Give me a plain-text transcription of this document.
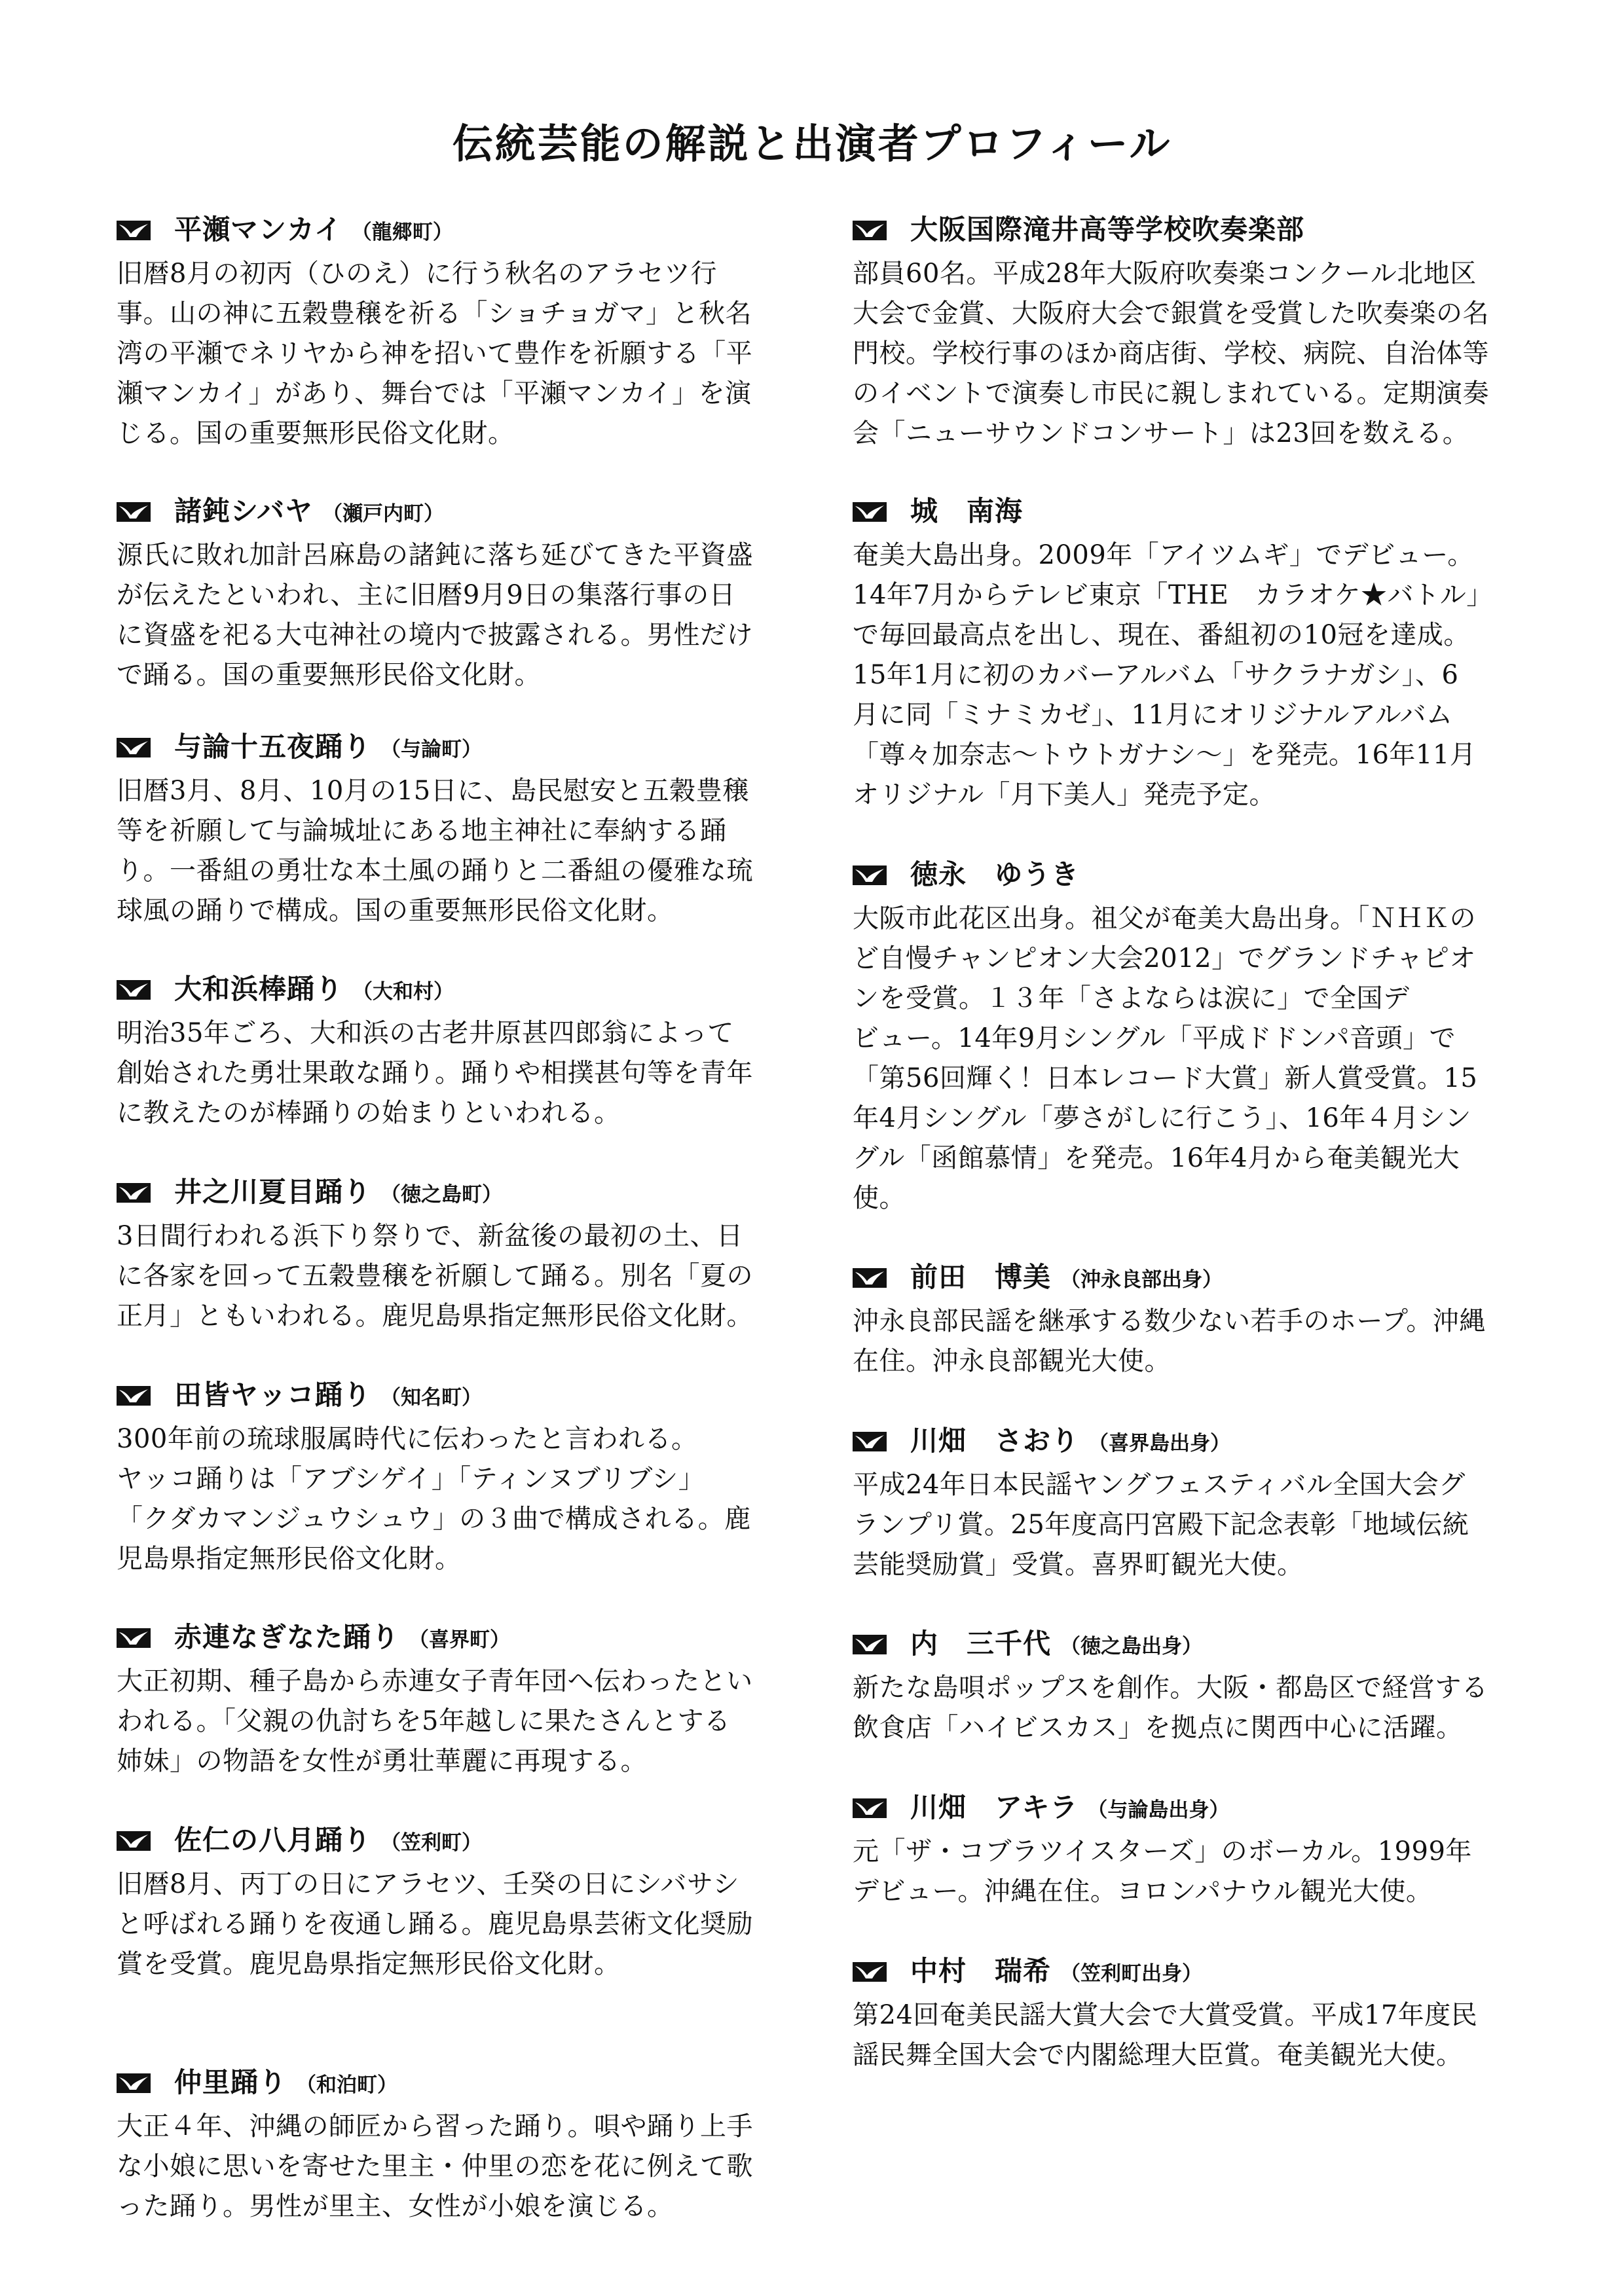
伝統芸能の解説と出演者プロフィール
平瀬マンカイ （龍郷町）
旧暦8月の初丙（ひのえ）に行う秋名のアラセツ行
事。山の神に五穀豊穣を祈る「ショチョガマ」と秋名
湾の平瀬でネリヤから神を招いて豊作を祈願する「平
瀬マンカイ」があり、舞台では「平瀬マンカイ」を演
じる。国の重要無形民俗文化財。
諸鈍シバヤ （瀬戸内町）
源氏に敗れ加計呂麻島の諸鈍に落ち延びてきた平資盛
が伝えたといわれ、主に旧暦9月9日の集落行事の日
に資盛を祀る大屯神社の境内で披露される。男性だけ
で踊る。国の重要無形民俗文化財。
与論十五夜踊り （与論町）
旧暦3月、8月、10月の15日に、島民慰安と五穀豊穣
等を祈願して与論城址にある地主神社に奉納する踊
り。一番組の勇壮な本土風の踊りと二番組の優雅な琉
球風の踊りで構成。国の重要無形民俗文化財。
大和浜棒踊り （大和村）
明治35年ごろ、大和浜の古老井原甚四郎翁によって
創始された勇壮果敢な踊り。踊りや相撲甚句等を青年
に教えたのが棒踊りの始まりといわれる。
井之川夏目踊り （徳之島町）
3日間行われる浜下り祭りで、新盆後の最初の土、日
に各家を回って五穀豊穣を祈願して踊る。別名「夏の
正月」ともいわれる。鹿児島県指定無形民俗文化財。
田皆ヤッコ踊り （知名町）
300年前の琉球服属時代に伝わったと言われる。
ヤッコ踊りは「アブシゲイ」「ティンヌブリブシ」
「クダカマンジュウシュウ」の３曲で構成される。鹿
児島県指定無形民俗文化財。
赤連なぎなた踊り （喜界町）
大正初期、種子島から赤連女子青年団へ伝わったとい
われる。「父親の仇討ちを5年越しに果たさんとする
姉妹」の物語を女性が勇壮華麗に再現する。
佐仁の八月踊り （笠利町）
旧暦8月、丙丁の日にアラセツ、壬癸の日にシバサシ
と呼ばれる踊りを夜通し踊る。鹿児島県芸術文化奨励
賞を受賞。鹿児島県指定無形民俗文化財。
仲里踊り （和泊町）
大正４年、沖縄の師匠から習った踊り。唄や踊り上手
な小娘に思いを寄せた里主・仲里の恋を花に例えて歌
った踊り。男性が里主、女性が小娘を演じる。
大阪国際滝井高等学校吹奏楽部
部員60名。平成28年大阪府吹奏楽コンクール北地区
大会で金賞、大阪府大会で銀賞を受賞した吹奏楽の名
門校。学校行事のほか商店街、学校、病院、自治体等
のイベントで演奏し市民に親しまれている。定期演奏
会「ニューサウンドコンサート」は23回を数える。
城　南海
奄美大島出身。2009年「アイツムギ」でデビュー。
14年7月からテレビ東京「THE　カラオケ★バトル」
で毎回最高点を出し、現在、番組初の10冠を達成。
15年1月に初のカバーアルバム「サクラナガシ」、6
月に同「ミナミカゼ」、11月にオリジナルアルバム
「尊々加奈志〜トウトガナシ〜」を発売。16年11月
オリジナル「月下美人」発売予定。
徳永　ゆうき
大阪市此花区出身。祖父が奄美大島出身。「ＮＨＫの
ど自慢チャンピオン大会2012」でグランドチャピオ
ンを受賞。１３年「さよならは涙に」で全国デ
ビュー。14年9月シングル「平成ドドンパ音頭」で
「第56回輝く！日本レコード大賞」新人賞受賞。15
年4月シングル「夢さがしに行こう」、16年４月シン
グル「函館慕情」を発売。16年4月から奄美観光大
使。
前田　博美 （沖永良部出身）
沖永良部民謡を継承する数少ない若手のホープ。沖縄
在住。沖永良部観光大使。
川畑　さおり （喜界島出身）
平成24年日本民謡ヤングフェスティバル全国大会グ
ランプリ賞。25年度高円宮殿下記念表彰「地域伝統
芸能奨励賞」受賞。喜界町観光大使。
内　三千代 （徳之島出身）
新たな島唄ポップスを創作。大阪・都島区で経営する
飲食店「ハイビスカス」を拠点に関西中心に活躍。
川畑　アキラ （与論島出身）
元「ザ・コブラツイスターズ」のボーカル。1999年
デビュー。沖縄在住。ヨロンパナウル観光大使。
中村　瑞希 （笠利町出身）
第24回奄美民謡大賞大会で大賞受賞。平成17年度民
謡民舞全国大会で内閣総理大臣賞。奄美観光大使。
